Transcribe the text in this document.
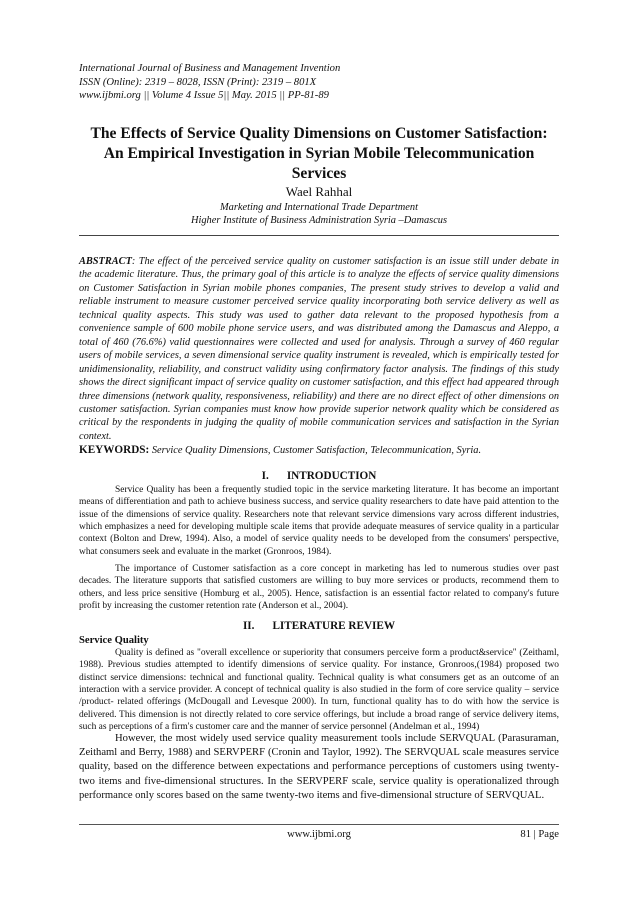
International Journal of Business and Management Invention
ISSN (Online): 2319 – 8028, ISSN (Print): 2319 – 801X
www.ijbmi.org || Volume 4 Issue 5|| May. 2015 || PP-81-89
The Effects of Service Quality Dimensions on Customer Satisfaction: An Empirical Investigation in Syrian Mobile Telecommunication Services
Wael Rahhal
Marketing and International Trade Department
Higher Institute of Business Administration Syria –Damascus
ABSTRACT: The effect of the perceived service quality on customer satisfaction is an issue still under debate in the academic literature. Thus, the primary goal of this article is to analyze the effects of service quality dimensions on Customer Satisfaction in Syrian mobile phones companies, The present study strives to develop a valid and reliable instrument to measure customer perceived service quality incorporating both service delivery as well as technical quality aspects. This study was used to gather data relevant to the proposed hypothesis from a convenience sample of 600 mobile phone service users, and was distributed among the Damascus and Aleppo, a total of 460 (76.6%) valid questionnaires were collected and used for analysis. Through a survey of 460 regular users of mobile services, a seven dimensional service quality instrument is revealed, which is empirically tested for unidimensionality, reliability, and construct validity using confirmatory factor analysis. The findings of this study shows the direct significant impact of service quality on customer satisfaction, and this effect had appeared through three dimensions (network quality, responsiveness, reliability) and there are no direct effect of other dimensions on customer satisfaction. Syrian companies must know how provide superior network quality which be considered as critical by the respondents in judging the quality of mobile communication services and satisfaction in the Syrian context.
KEYWORDS: Service Quality Dimensions, Customer Satisfaction, Telecommunication, Syria.
I. INTRODUCTION
Service Quality has been a frequently studied topic in the service marketing literature. It has become an important means of differentiation and path to achieve business success, and service quality researchers to date have paid attention to the issue of the dimensions of service quality. Researchers note that relevant service dimensions vary across different industries, which emphasizes a need for developing multiple scale items that provide adequate measures of service quality in a particular context (Bolton and Drew, 1994). Also, a model of service quality needs to be developed from the consumers' perspective, what consumers seek and evaluate in the market (Gronroos, 1984).
The importance of Customer satisfaction as a core concept in marketing has led to numerous studies over past decades. The literature supports that satisfied customers are willing to buy more services or products, recommend them to others, and less price sensitive (Homburg et al., 2005). Hence, satisfaction is an essential factor related to company's future profit by increasing the customer retention rate (Anderson et al., 2004).
II. LITERATURE REVIEW
Service Quality
Quality is defined as "overall excellence or superiority that consumers perceive form a product&service" (Zeithaml, 1988). Previous studies attempted to identify dimensions of service quality. For instance, Gronroos,(1984) proposed two distinct service dimensions: technical and functional quality. Technical quality is what consumers get as an outcome of an interaction with a service provider. A concept of technical quality is also studied in the form of core service quality – service /product- related offerings (McDougall and Levesque 2000). In turn, functional quality has to do with how the service is delivered. This dimension is not directly related to core service offerings, but include a broad range of service delivery items, such as perceptions of a firm's customer care and the manner of service personnel (Andelman et al., 1994)
However, the most widely used service quality measurement tools include SERVQUAL (Parasuraman, Zeithaml and Berry, 1988) and SERVPERF (Cronin and Taylor, 1992). The SERVQUAL scale measures service quality, based on the difference between expectations and performance perceptions of customers using twenty-two items and five-dimensional structures. In the SERVPERF scale, service quality is operationalized through performance only scores based on the same twenty-two items and five-dimensional structure of SERVQUAL.
www.ijbmi.org	81 | Page
